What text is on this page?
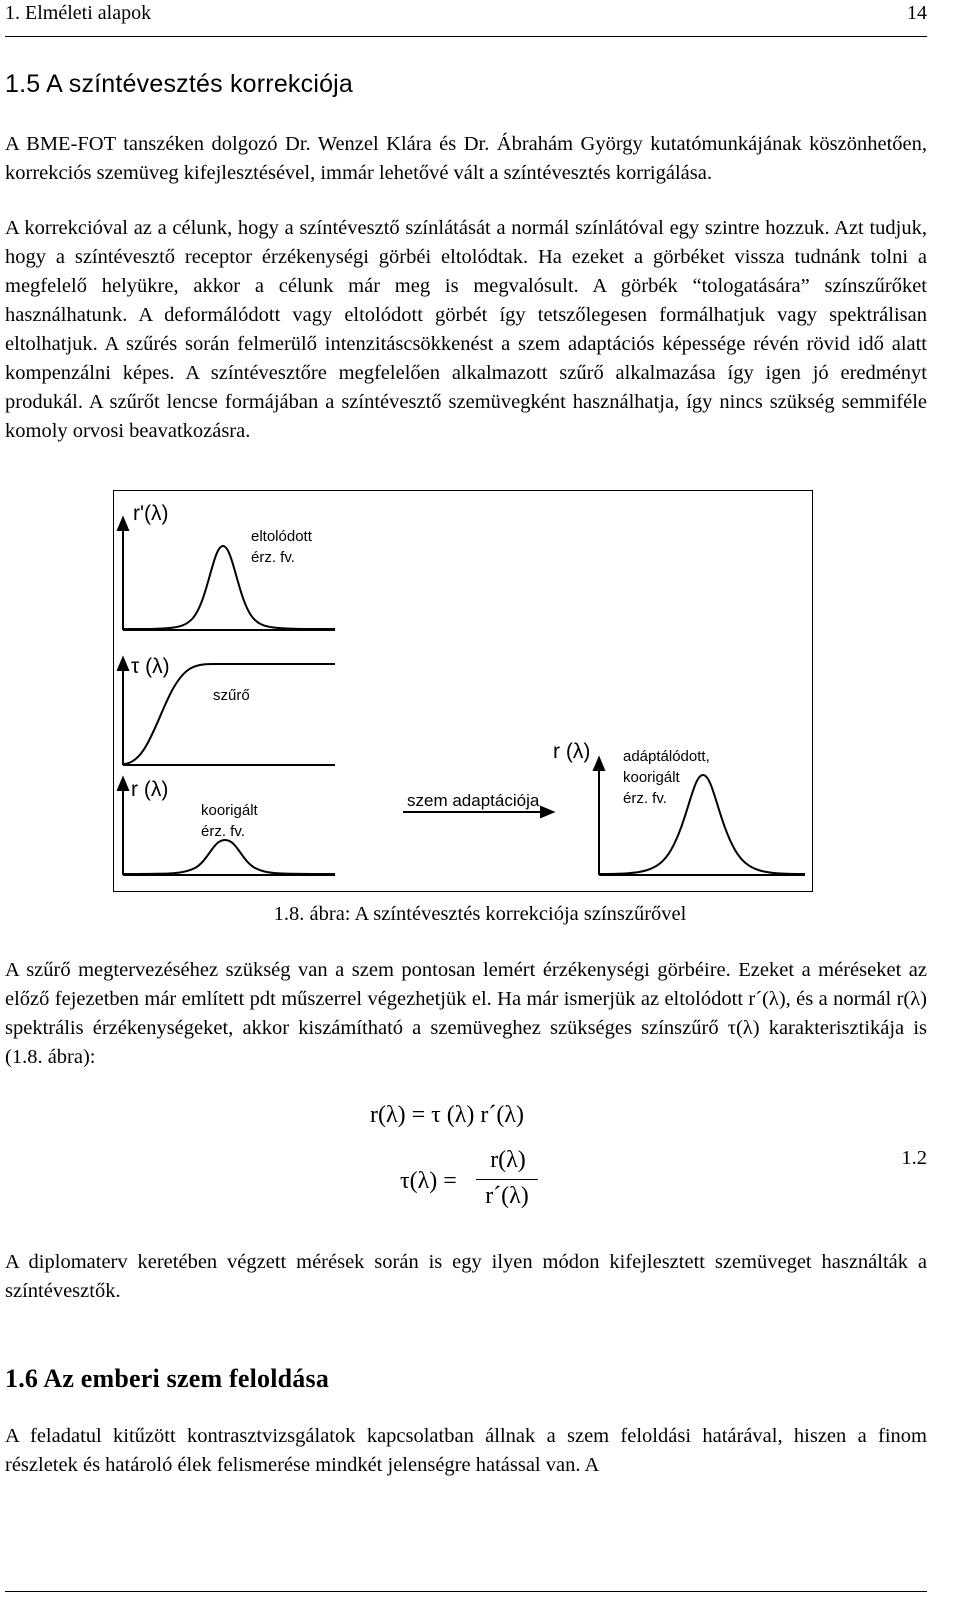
1. Elméleti alapok	14
1.5 A színtévesztés korrekciója

A BME-FOT tanszéken dolgozó Dr. Wenzel Klára és Dr. Ábrahám György kutatómunkájának köszönhetően, korrekciós szemüveg kifejlesztésével, immár lehetővé vált a színtévesztés korrigálása.

A korrekcióval az a célunk, hogy a színtévesztő színlátását a normál színlátóval egy szintre hozzuk. Azt tudjuk, hogy a színtévesztő receptor érzékenységi görbéi eltolódtak. Ha ezeket a görbéket vissza tudnánk tolni a megfelelő helyükre, akkor a célunk már meg is megvalósult. A görbék “tologatására” színszűrőket használhatunk. A deformálódott vagy eltolódott görbét így tetszőlegesen formálhatjuk vagy spektrálisan eltolhatjuk. A szűrés során felmerülő intenzitáscsökkenést a szem adaptációs képessége révén rövid idő alatt kompenzálni képes. A színtévesztőre megfelelően alkalmazott szűrő alkalmazása így igen jó eredményt produkál. A szűrőt lencse formájában a színtévesztő szemüvegként használhatja, így nincs szükség semmiféle komoly orvosi beavatkozásra.

r'(λ)
eltolódott
érz. fv.
τ (λ)
szűrő
r (λ)
koorigált
érz. fv.
szem adaptációja
r (λ) adáptálódott,
koorigált
érz. fv.
1.8. ábra: A színtévesztés korrekciója színszűrővel

A szűrő megtervezéséhez szükség van a szem pontosan lemért érzékenységi görbéire. Ezeket a méréseket az előző fejezetben már említett pdt műszerrel végezhetjük el. Ha már ismerjük az eltolódott r´(λ), és a normál r(λ) spektrális érzékenységeket, akkor kiszámítható a szemüveghez szükséges színszűrő τ(λ) karakterisztikája is (1.8. ábra):

r(λ) = τ (λ) r´(λ)
τ(λ) =
r(λ)
r´(λ)
1.2

A diplomaterv keretében végzett mérések során is egy ilyen módon kifejlesztett szemüveget használták a színtévesztők.

1.6 Az emberi szem feloldása

A feladatul kitűzött kontrasztvizsgálatok kapcsolatban állnak a szem feloldási határával, hiszen a finom részletek és határoló élek felismerése mindkét jelenségre hatással van. A
